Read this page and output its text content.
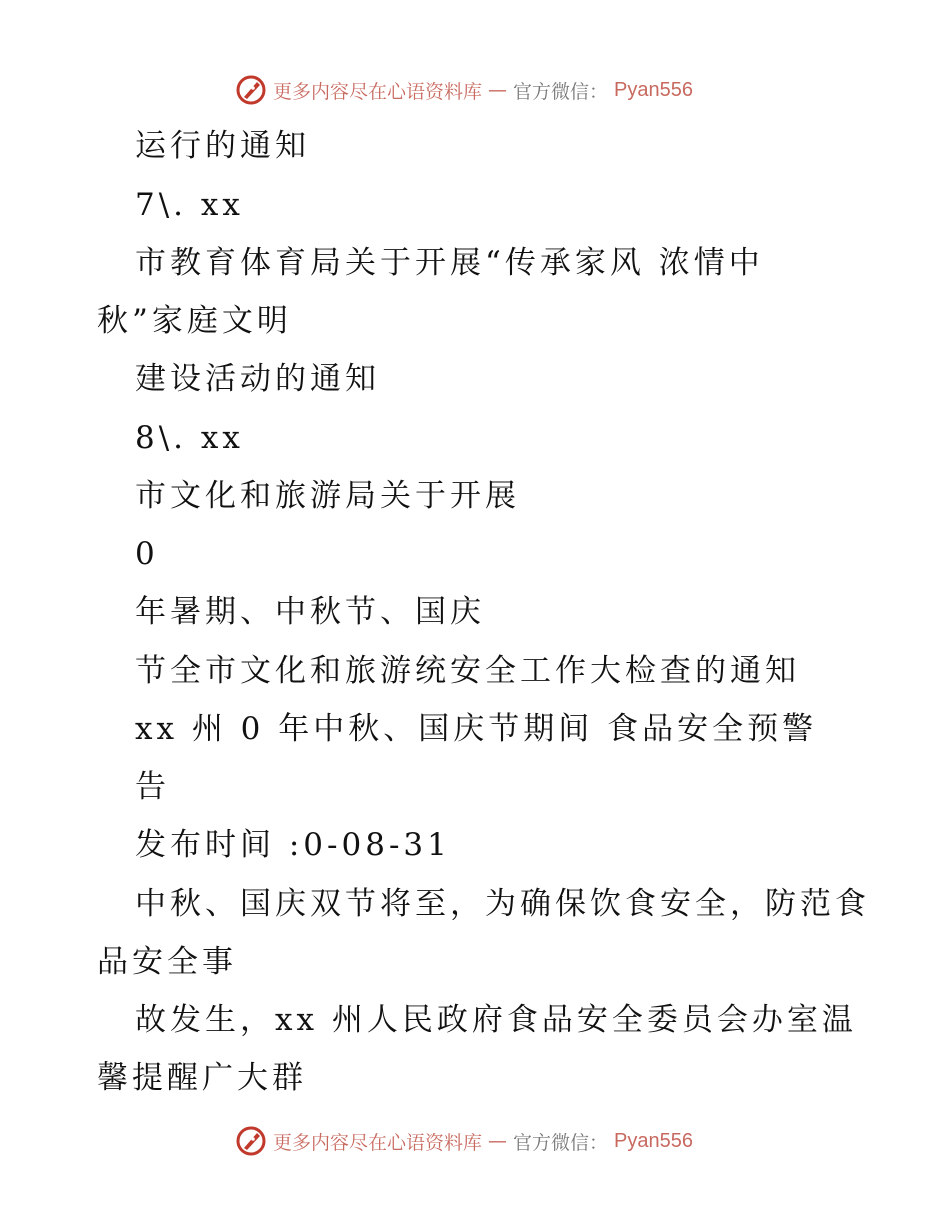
更多内容尽在心语资料库 — 官方微信： Pyan556
运行的通知
7\. xx
市教育体育局关于开展“传承家风 浓情中
秋”家庭文明
建设活动的通知
8\. xx
市文化和旅游局关于开展
0
年暑期、中秋节、国庆
节全市文化和旅游统安全工作大检查的通知
xx 州 0 年中秋、国庆节期间 食品安全预警
告
发布时间 :0-08-31
中秋、国庆双节将至，为确保饮食安全，防范食
品安全事
故发生，xx 州人民政府食品安全委员会办室温
馨提醒广大群
更多内容尽在心语资料库 — 官方微信： Pyan556
